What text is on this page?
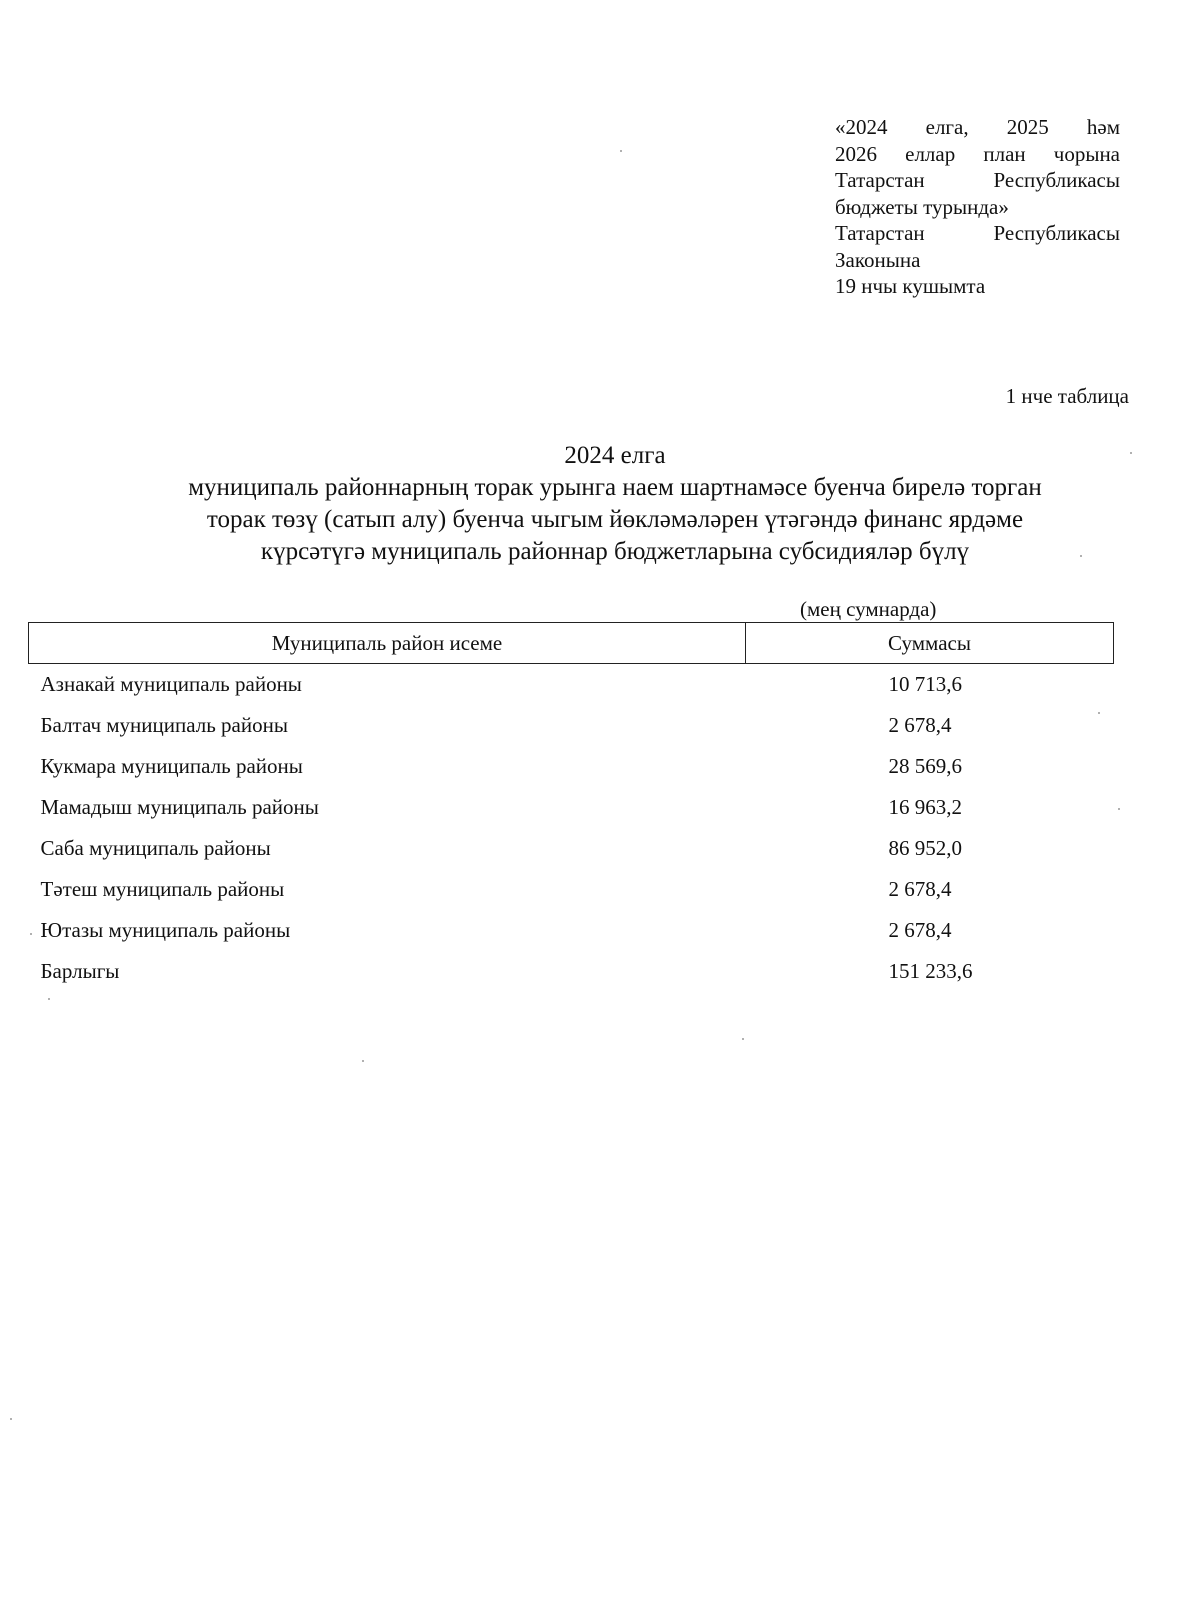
«2024 елга, 2025 һәм
2026 еллар план чорына
Татарстан Республикасы
бюджеты турында»
Татарстан Республикасы
Законына
19 нчы кушымта
1 нче таблица
2024 елга
муниципаль районнарның торак урынга наем шартнамәсе буенча бирелә торган
торак төзү (сатып алу) буенча чыгым йөкләмәләрен үтәгәндә финанс ярдәме
күрсәтүгә муниципаль районнар бюджетларына субсидияләр бүлү
(мең сумнарда)
Муниципаль район исеме	Суммасы
Азнакай муниципаль районы	10 713,6
Балтач муниципаль районы	2 678,4
Кукмара муниципаль районы	28 569,6
Мамадыш муниципаль районы	16 963,2
Саба муниципаль районы	86 952,0
Тәтеш муниципаль районы	2 678,4
Ютазы муниципаль районы	2 678,4
Барлыгы	151 233,6
